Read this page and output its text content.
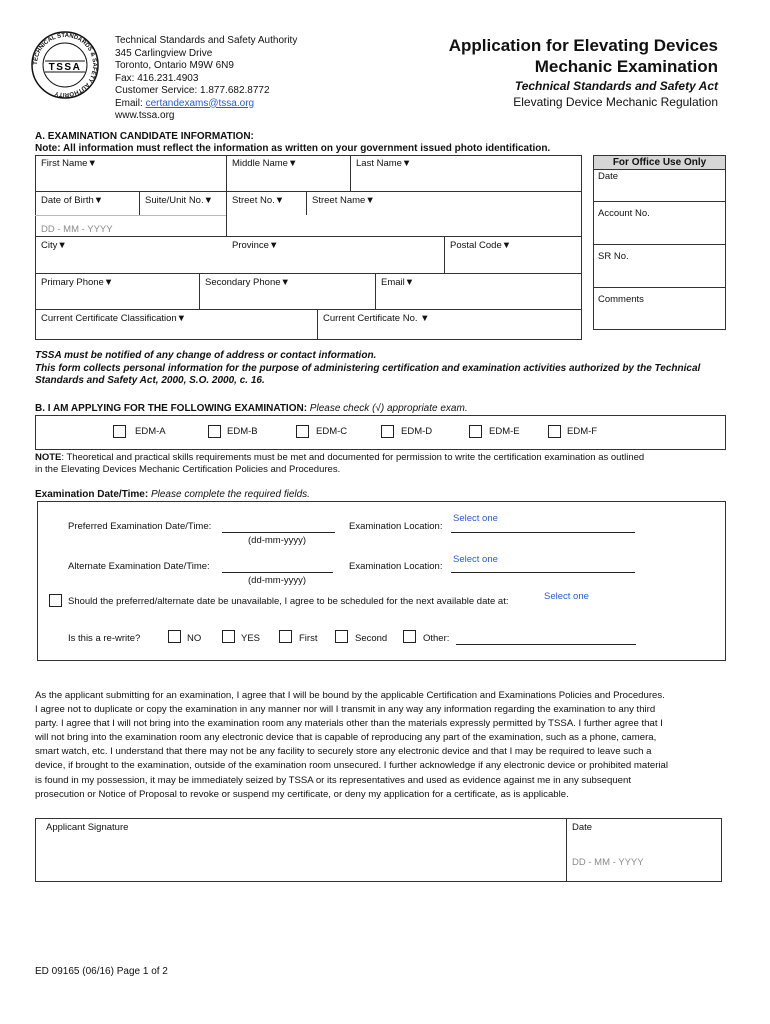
TECHNICAL STANDARDS & SAFETY AUTHORITY
TSSA
Technical Standards and Safety Authority
345 Carlingview Drive
Toronto, Ontario M9W 6N9
Fax: 416.231.4903
Customer Service: 1.877.682.8772
Email: certandexams@tssa.org
www.tssa.org
Application for Elevating Devices
Mechanic Examination
Technical Standards and Safety Act
Elevating Device Mechanic Regulation
A. EXAMINATION CANDIDATE INFORMATION:
Note: All information must reflect the information as written on your government issued photo identification.
First Name▼	Middle Name▼	Last Name▼
Date of Birth▼	Suite/Unit No.▼ Street No.▼	Street Name▼
DD - MM - YYYY
City▼	Province▼	Postal Code▼
Primary Phone▼	Secondary Phone▼	Email▼
Current Certificate Classification▼	Current Certificate No. ▼
For Office Use Only
Date
Account No.
SR No.
Comments
TSSA must be notified of any change of address or contact information.
This form collects personal information for the purpose of administering certification and examination activities authorized by the Technical
Standards and Safety Act, 2000, S.O. 2000, c. 16.
B. I AM APPLYING FOR THE FOLLOWING EXAMINATION: Please check (√) appropriate exam.
EDM-A	EDM-B	EDM-C	EDM-D	EDM-E	EDM-F
NOTE: Theoretical and practical skills requirements must be met and documented for permission to write the certification examination as outlined
in the Elevating Devices Mechanic Certification Policies and Procedures.
Examination Date/Time: Please complete the required fields.
Preferred Examination Date/Time:
(dd-mm-yyyy)
Examination Location:
Select one
Alternate Examination Date/Time:
(dd-mm-yyyy)
Examination Location:
Select one
Should the preferred/alternate date be unavailable, I agree to be scheduled for the next available date at:	Select one
Is this a re-write?	NO	YES	First	Second	Other:
As the applicant submitting for an examination, I agree that I will be bound by the applicable Certification and Examinations Policies and Procedures.
I agree not to duplicate or copy the examination in any manner nor will I transmit in any way any information regarding the examination to any third
party. I agree that I will not bring into the examination room any materials other than the materials expressly permitted by TSSA. I further agree that I
will not bring into the examination room any electronic device that is capable of reproducing any part of the examination, such as a phone, camera,
smart watch, etc. I understand that there may not be any facility to securely store any electronic device and that I may be required to leave such a
device, if brought to the examination, outside of the examination room unsecured. I further acknowledge if any electronic device or prohibited material
is found in my possession, it may be immediately seized by TSSA or its representatives and used as evidence against me in any subsequent
prosecution or Notice of Proposal to revoke or suspend my certificate, or deny my application for a certificate, as is applicable.
Applicant Signature	Date
DD - MM - YYYY
ED 09165 (06/16) Page 1 of 2
